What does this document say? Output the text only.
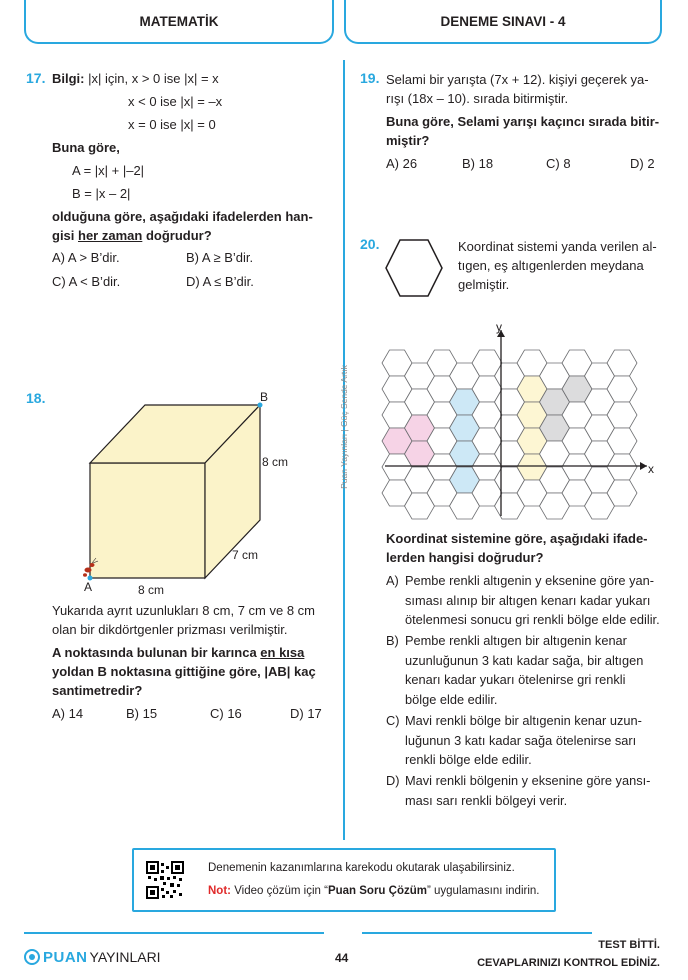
MATEMATİK	DENEME SINAVI - 4
Puan Yayınları | Güç Sende Artık
17. Bilgi: |x| için, x > 0 ise |x| = x
x < 0 ise |x| = –x
x = 0 ise |x| = 0
Buna göre,
A = |x| + |–2|
B = |x – 2|
olduğuna göre, aşağıdaki ifadelerden han-
gisi her zaman doğrudur?
A) A > B’dir.	B) A ≥ B’dir.
C) A < B’dir.	D) A ≤ B’dir.
18.
A
B
8 cm
7 cm
8 cm
Yukarıda ayrıt uzunlukları 8 cm, 7 cm ve 8 cm
olan bir dikdörtgenler prizması verilmiştir.
A noktasında bulunan bir karınca en kısa
yoldan B noktasına gittiğine göre, |AB| kaç
santimetredir?
A) 14	B) 15	C) 16	D) 17
19. Selami bir yarışta (7x + 12). kişiyi geçerek ya-
rışı (18x – 10). sırada bitirmiştir.
Buna göre, Selami yarışı kaçıncı sırada bitir-
miştir?
A) 26	B) 18	C) 8	D) 2
20.	Koordinat sistemi yanda verilen al-
tıgen, eş altıgenlerden meydana
gelmiştir.
y
x
Koordinat sistemine göre, aşağıdaki ifade-
lerden hangisi doğrudur?
A) Pembe renkli altıgenin y eksenine göre yan-
sıması alınıp bir altıgen kenarı kadar yukarı
ötelenmesi sonucu gri renkli bölge elde edilir.
B) Pembe renkli altıgen bir altıgenin kenar
uzunluğunun 3 katı kadar sağa, bir altıgen
kenarı kadar yukarı ötelenirse gri renkli
bölge elde edilir.
C) Mavi renkli bölge bir altıgenin kenar uzun-
luğunun 3 katı kadar sağa ötelenirse sarı
renkli bölge elde edilir.
D) Mavi renkli bölgenin y eksenine göre yansı-
ması sarı renkli bölgeyi verir.
Denemenin kazanımlarına karekodu okutarak ulaşabilirsiniz.
Not: Video çözüm için “Puan Soru Çözüm” uygulamasını indirin.
PUAN YAYINLARI	44
TEST BİTTİ.
CEVAPLARINIZI KONTROL EDİNİZ.
